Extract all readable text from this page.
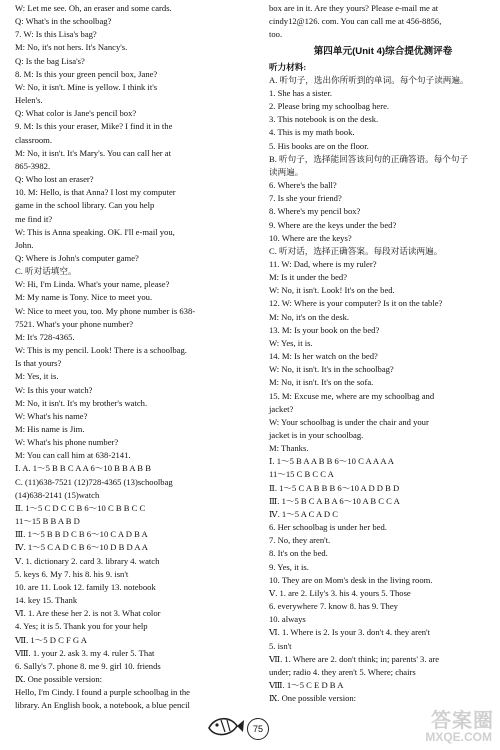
W: Let me see. Oh, an eraser and some cards.
Q: What's in the schoolbag?
7. W: Is this Lisa's bag?
M: No, it's not hers. It's Nancy's.
Q: Is the bag Lisa's?
8. M: Is this your green pencil box, Jane?
W: No, it isn't. Mine is yellow. I think it's
Helen's.
Q: What color is Jane's pencil box?
9. M: Is this your eraser, Mike? I find it in the
classroom.
M: No, it isn't. It's Mary's. You can call her at
865-3982.
Q: Who lost an eraser?
10. M: Hello, is that Anna? I lost my computer
game in the school library. Can you help
me find it?
W: This is Anna speaking. OK. I'll e-mail you,
John.
Q: Where is John's computer game?
C. 听对话填空。
W: Hi, I'm Linda. What's your name, please?
M: My name is Tony. Nice to meet you.
W: Nice to meet you, too. My phone number is 638-
7521. What's your phone number?
M: It's 728-4365.
W: This is my pencil. Look! There is a schoolbag.
Is that yours?
M: Yes, it is.
W: Is this your watch?
M: No, it isn't. It's my brother's watch.
W: What's his name?
M: His name is Jim.
W: What's his phone number?
M: You can call him at 638-2141.
Ⅰ. A. 1～5 B B C A A 6～10 B B A B B
C. (11)638-7521 (12)728-4365 (13)schoolbag
(14)638-2141 (15)watch
Ⅱ. 1～5 C D C C B 6～10 C B B C C
11～15 B B A B D
Ⅲ. 1～5 B B D C B 6～10 C A D B A
Ⅳ. 1～5 C A D C B 6～10 D B D A A
Ⅴ. 1. dictionary 2. card 3. library 4. watch
5. keys 6. My 7. his 8. his 9. isn't
10. are 11. Look 12. family 13. notebook
14. key 15. Thank
Ⅵ. 1. Are these her 2. is not 3. What color
4. Yes; it is 5. Thank you for your help
Ⅶ. 1～5 D C F G A
Ⅷ. 1. your 2. ask 3. my 4. ruler 5. That
6. Sally's 7. phone 8. me 9. girl 10. friends
Ⅸ. One possible version:
Hello, I'm Cindy. I found a purple schoolbag in the
library. An English book, a notebook, a blue pencil
box are in it. Are they yours? Please e-mail me at
cindy12@126. com. You can call me at 456-8856,
too.
第四单元(Unit 4)综合提优测评卷
听力材料:
A. 听句子，选出你所听到的单词。每个句子读两遍。
1. She has a sister.
2. Please bring my schoolbag here.
3. This notebook is on the desk.
4. This is my math book.
5. His books are on the floor.
B. 听句子，选择能回答该问句的正确答语。每个句子
读两遍。
6. Where's the ball?
7. Is she your friend?
8. Where's my pencil box?
9. Where are the keys under the bed?
10. Where are the keys?
C. 听对话，选择正确答案。每段对话读两遍。
11. W: Dad, where is my ruler?
M: Is it under the bed?
W: No, it isn't. Look! It's on the bed.
12. W: Where is your computer? Is it on the table?
M: No, it's on the desk.
13. M: Is your book on the bed?
W: Yes, it is.
14. M: Is her watch on the bed?
W: No, it isn't. It's in the schoolbag?
M: No, it isn't. It's on the sofa.
15. M: Excuse me, where are my schoolbag and
jacket?
W: Your schoolbag is under the chair and your
jacket is in your schoolbag.
M: Thanks.
Ⅰ. 1～5 B A A B B 6～10 C A A A A
11～15 C B C C A
Ⅱ. 1～5 C A B B B 6～10 A D D B D
Ⅲ. 1～5 B C A B A 6～10 A B C C A
Ⅳ. 1～5 A C A D C
6. Her schoolbag is under her bed.
7. No, they aren't.
8. It's on the bed.
9. Yes, it is.
10. They are on Mom's desk in the living room.
Ⅴ. 1. are 2. Lily's 3. his 4. yours 5. Those
6. everywhere 7. know 8. has 9. They
10. always
Ⅵ. 1. Where is 2. Is your 3. don't 4. they aren't
5. isn't
Ⅶ. 1. Where are 2. don't think; in; parents' 3. are
under; radio 4. they aren't 5. Where; chairs
Ⅷ. 1～5 C E D B A
Ⅸ. One possible version:
75	答案圈
MXQE.COM
